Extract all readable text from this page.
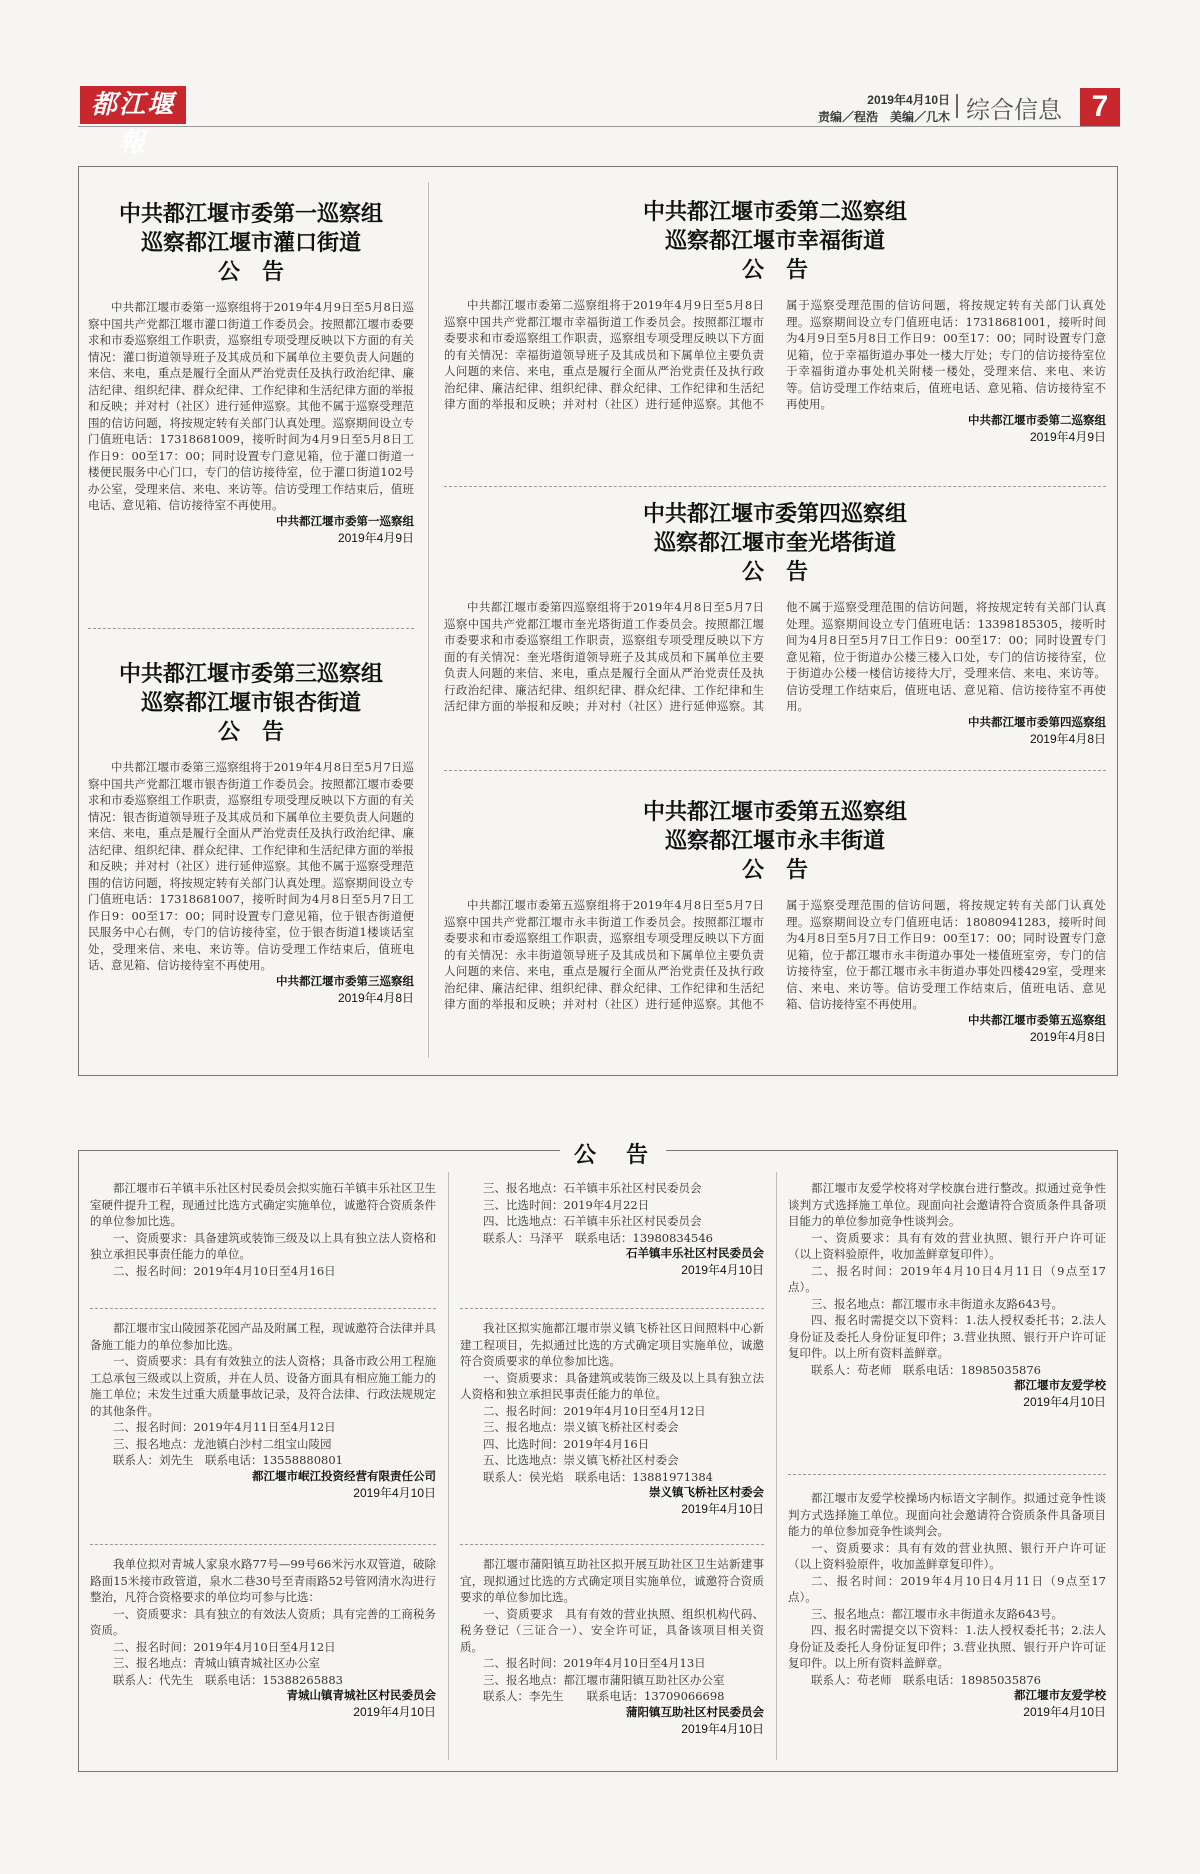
都江堰報
2019年4月10日
责编／程浩　美编／几木 综合信息 7
中共都江堰市委第一巡察组
巡察都江堰市灌口街道
公　告

中共都江堰市委第一巡察组将于2019年4月9日至5月8日巡察中国共产党都江堰市灌口街道工作委员会。按照都江堰市委要求和市委巡察组工作职责，巡察组专项受理反映以下方面的有关情况：灌口街道领导班子及其成员和下属单位主要负责人问题的来信、来电，重点是履行全面从严治党责任及执行政治纪律、廉洁纪律、组织纪律、群众纪律、工作纪律和生活纪律方面的举报和反映；并对村（社区）进行延伸巡察。其他不属于巡察受理范围的信访问题，将按规定转有关部门认真处理。巡察期间设立专门值班电话：17318681009，接听时间为4月9日至5月8日工作日9：00至17：00；同时设置专门意见箱，位于灌口街道一楼便民服务中心门口，专门的信访接待室，位于灌口街道102号办公室，受理来信、来电、来访等。信访受理工作结束后，值班电话、意见箱、信访接待室不再使用。

中共都江堰市委第一巡察组
2019年4月9日
中共都江堰市委第三巡察组
巡察都江堰市银杏街道
公　告

中共都江堰市委第三巡察组将于2019年4月8日至5月7日巡察中国共产党都江堰市银杏街道工作委员会。按照都江堰市委要求和市委巡察组工作职责，巡察组专项受理反映以下方面的有关情况：银杏街道领导班子及其成员和下属单位主要负责人问题的来信、来电，重点是履行全面从严治党责任及执行政治纪律、廉洁纪律、组织纪律、群众纪律、工作纪律和生活纪律方面的举报和反映；并对村（社区）进行延伸巡察。其他不属于巡察受理范围的信访问题，将按规定转有关部门认真处理。巡察期间设立专门值班电话：17318681007，接听时间为4月8日至5月7日工作日9：00至17：00；同时设置专门意见箱，位于银杏街道便民服务中心右侧，专门的信访接待室，位于银杏街道1楼谈话室处，受理来信、来电、来访等。信访受理工作结束后，值班电话、意见箱、信访接待室不再使用。

中共都江堰市委第三巡察组
2019年4月8日
中共都江堰市委第二巡察组
巡察都江堰市幸福街道
公　告

中共都江堰市委第二巡察组将于2019年4月9日至5月8日巡察中国共产党都江堰市幸福街道工作委员会。按照都江堰市委要求和市委巡察组工作职责，巡察组专项受理反映以下方面的有关情况：幸福街道领导班子及其成员和下属单位主要负责人问题的来信、来电，重点是履行全面从严治党责任及执行政治纪律、廉洁纪律、组织纪律、群众纪律、工作纪律和生活纪律方面的举报和反映；并对村（社区）进行延伸巡察。其他不属于巡察受理范围的信访问题，将按规定转有关部门认真处理。巡察期间设立专门值班电话：17318681001，接听时间为4月9日至5月8日工作日9：00至17：00；同时设置专门意见箱，位于幸福街道办事处一楼大厅处；专门的信访接待室位于幸福街道办事处机关附楼一楼处，受理来信、来电、来访等。信访受理工作结束后，值班电话、意见箱、信访接待室不再使用。

中共都江堰市委第二巡察组
2019年4月9日
中共都江堰市委第四巡察组
巡察都江堰市奎光塔街道
公　告

中共都江堰市委第四巡察组将于2019年4月8日至5月7日巡察中国共产党都江堰市奎光塔街道工作委员会。按照都江堰市委要求和市委巡察组工作职责，巡察组专项受理反映以下方面的有关情况：奎光塔街道领导班子及其成员和下属单位主要负责人问题的来信、来电，重点是履行全面从严治党责任及执行政治纪律、廉洁纪律、组织纪律、群众纪律、工作纪律和生活纪律方面的举报和反映；并对村（社区）进行延伸巡察。其他不属于巡察受理范围的信访问题，将按规定转有关部门认真处理。巡察期间设立专门值班电话：13398185305，接听时间为4月8日至5月7日工作日9：00至17：00；同时设置专门意见箱，位于街道办公楼三楼入口处，专门的信访接待室，位于街道办公楼一楼信访接待大厅，受理来信、来电、来访等。信访受理工作结束后，值班电话、意见箱、信访接待室不再使用。

中共都江堰市委第四巡察组
2019年4月8日
中共都江堰市委第五巡察组
巡察都江堰市永丰街道
公　告

中共都江堰市委第五巡察组将于2019年4月8日至5月7日巡察中国共产党都江堰市永丰街道工作委员会。按照都江堰市委要求和市委巡察组工作职责，巡察组专项受理反映以下方面的有关情况：永丰街道领导班子及其成员和下属单位主要负责人问题的来信、来电，重点是履行全面从严治党责任及执行政治纪律、廉洁纪律、组织纪律、群众纪律、工作纪律和生活纪律方面的举报和反映；并对村（社区）进行延伸巡察。其他不属于巡察受理范围的信访问题，将按规定转有关部门认真处理。巡察期间设立专门值班电话：18080941283，接听时间为4月8日至5月7日工作日9：00至17：00；同时设置专门意见箱，位于都江堰市永丰街道办事处一楼值班室旁，专门的信访接待室，位于都江堰市永丰街道办事处四楼429室，受理来信、来电、来访等。信访受理工作结束后，值班电话、意见箱、信访接待室不再使用。

中共都江堰市委第五巡察组
2019年4月8日
公　告

都江堰市石羊镇丰乐社区村民委员会拟实施石羊镇丰乐社区卫生室硬件提升工程，现通过比选方式确定实施单位，诚邀符合资质条件的单位参加比选。

一、资质要求：具备建筑或装饰三级及以上具有独立法人资格和独立承担民事责任能力的单位。

二、报名时间：2019年4月10日至4月16日

三、报名地点：石羊镇丰乐社区村民委员会

三、比选时间：2019年4月22日

四、比选地点：石羊镇丰乐社区村民委员会

联系人：马泽平　联系电话：13980834546

石羊镇丰乐社区村民委员会
2019年4月10日

都江堰市友爱学校将对学校旗台进行整改。拟通过竞争性谈判方式选择施工单位。现面向社会邀请符合资质条件具备项目能力的单位参加竞争性谈判会。

一、资质要求：具有有效的营业执照、银行开户许可证（以上资料验原件，收加盖鲜章复印件）。

二、报名时间：2019年4月10日4月11日（9点至17点）。

三、报名地点：都江堰市永丰街道永友路643号。

四、报名时需提交以下资料：1.法人授权委托书；2.法人身份证及委托人身份证复印件；3.营业执照、银行开户许可证复印件。以上所有资料盖鲜章。

联系人：苟老师　联系电话：18985035876

都江堰市友爱学校
2019年4月10日

都江堰市宝山陵园茶花园产品及附属工程，现诚邀符合法律并具备施工能力的单位参加比选。

一、资质要求：具有有效独立的法人资格；具备市政公用工程施工总承包三级或以上资质，并在人员、设备方面具有相应施工能力的施工单位；未发生过重大质量事故记录，及符合法律、行政法规规定的其他条件。

二、报名时间：2019年4月11日至4月12日

三、报名地点：龙池镇白沙村二组宝山陵园

联系人：刘先生　联系电话：13558880801

都江堰市岷江投资经营有限责任公司
2019年4月10日

我社区拟实施都江堰市崇义镇飞桥社区日间照料中心新建工程项目，先拟通过比选的方式确定项目实施单位，诚邀符合资质要求的单位参加比选。

一、资质要求：具备建筑或装饰三级及以上具有独立法人资格和独立承担民事责任能力的单位。

二、报名时间：2019年4月10日至4月12日

三、报名地点：崇义镇飞桥社区村委会

四、比选时间：2019年4月16日

五、比选地点：崇义镇飞桥社区村委会

联系人：侯光焰　联系电话：13881971384

崇义镇飞桥社区村委会
2019年4月10日

都江堰市友爱学校操场内标语文字制作。拟通过竞争性谈判方式选择施工单位。现面向社会邀请符合资质条件具备项目能力的单位参加竞争性谈判会。

一、资质要求：具有有效的营业执照、银行开户许可证（以上资料验原件，收加盖鲜章复印件）。

二、报名时间：2019年4月10日4月11日（9点至17点）。

三、报名地点：都江堰市永丰街道永友路643号。

四、报名时需提交以下资料：1.法人授权委托书；2.法人身份证及委托人身份证复印件；3.营业执照、银行开户许可证复印件。以上所有资料盖鲜章。

联系人：苟老师　联系电话：18985035876

都江堰市友爱学校
2019年4月10日

我单位拟对青城人家泉水路77号—99号66米污水双管道，破除路面15米接市政管道，泉水二巷30号至青雨路52号管网清水沟进行整治，凡符合资格要求的单位均可参与比选：

一、资质要求：具有独立的有效法人资质；具有完善的工商税务资质。

二、报名时间：2019年4月10日至4月12日

三、报名地点：青城山镇青城社区办公室

联系人：代先生　联系电话：15388265883

青城山镇青城社区村民委员会
2019年4月10日

都江堰市蒲阳镇互助社区拟开展互助社区卫生站新建事宜，现拟通过比选的方式确定项目实施单位，诚邀符合资质要求的单位参加比选。

一、资质要求　具有有效的营业执照、组织机构代码、税务登记（三证合一）、安全许可证，具备该项目相关资质。

二、报名时间：2019年4月10日至4月13日

三、报名地点：都江堰市蒲阳镇互助社区办公室

联系人：李先生　　联系电话：13709066698

蒲阳镇互助社区村民委员会
2019年4月10日
